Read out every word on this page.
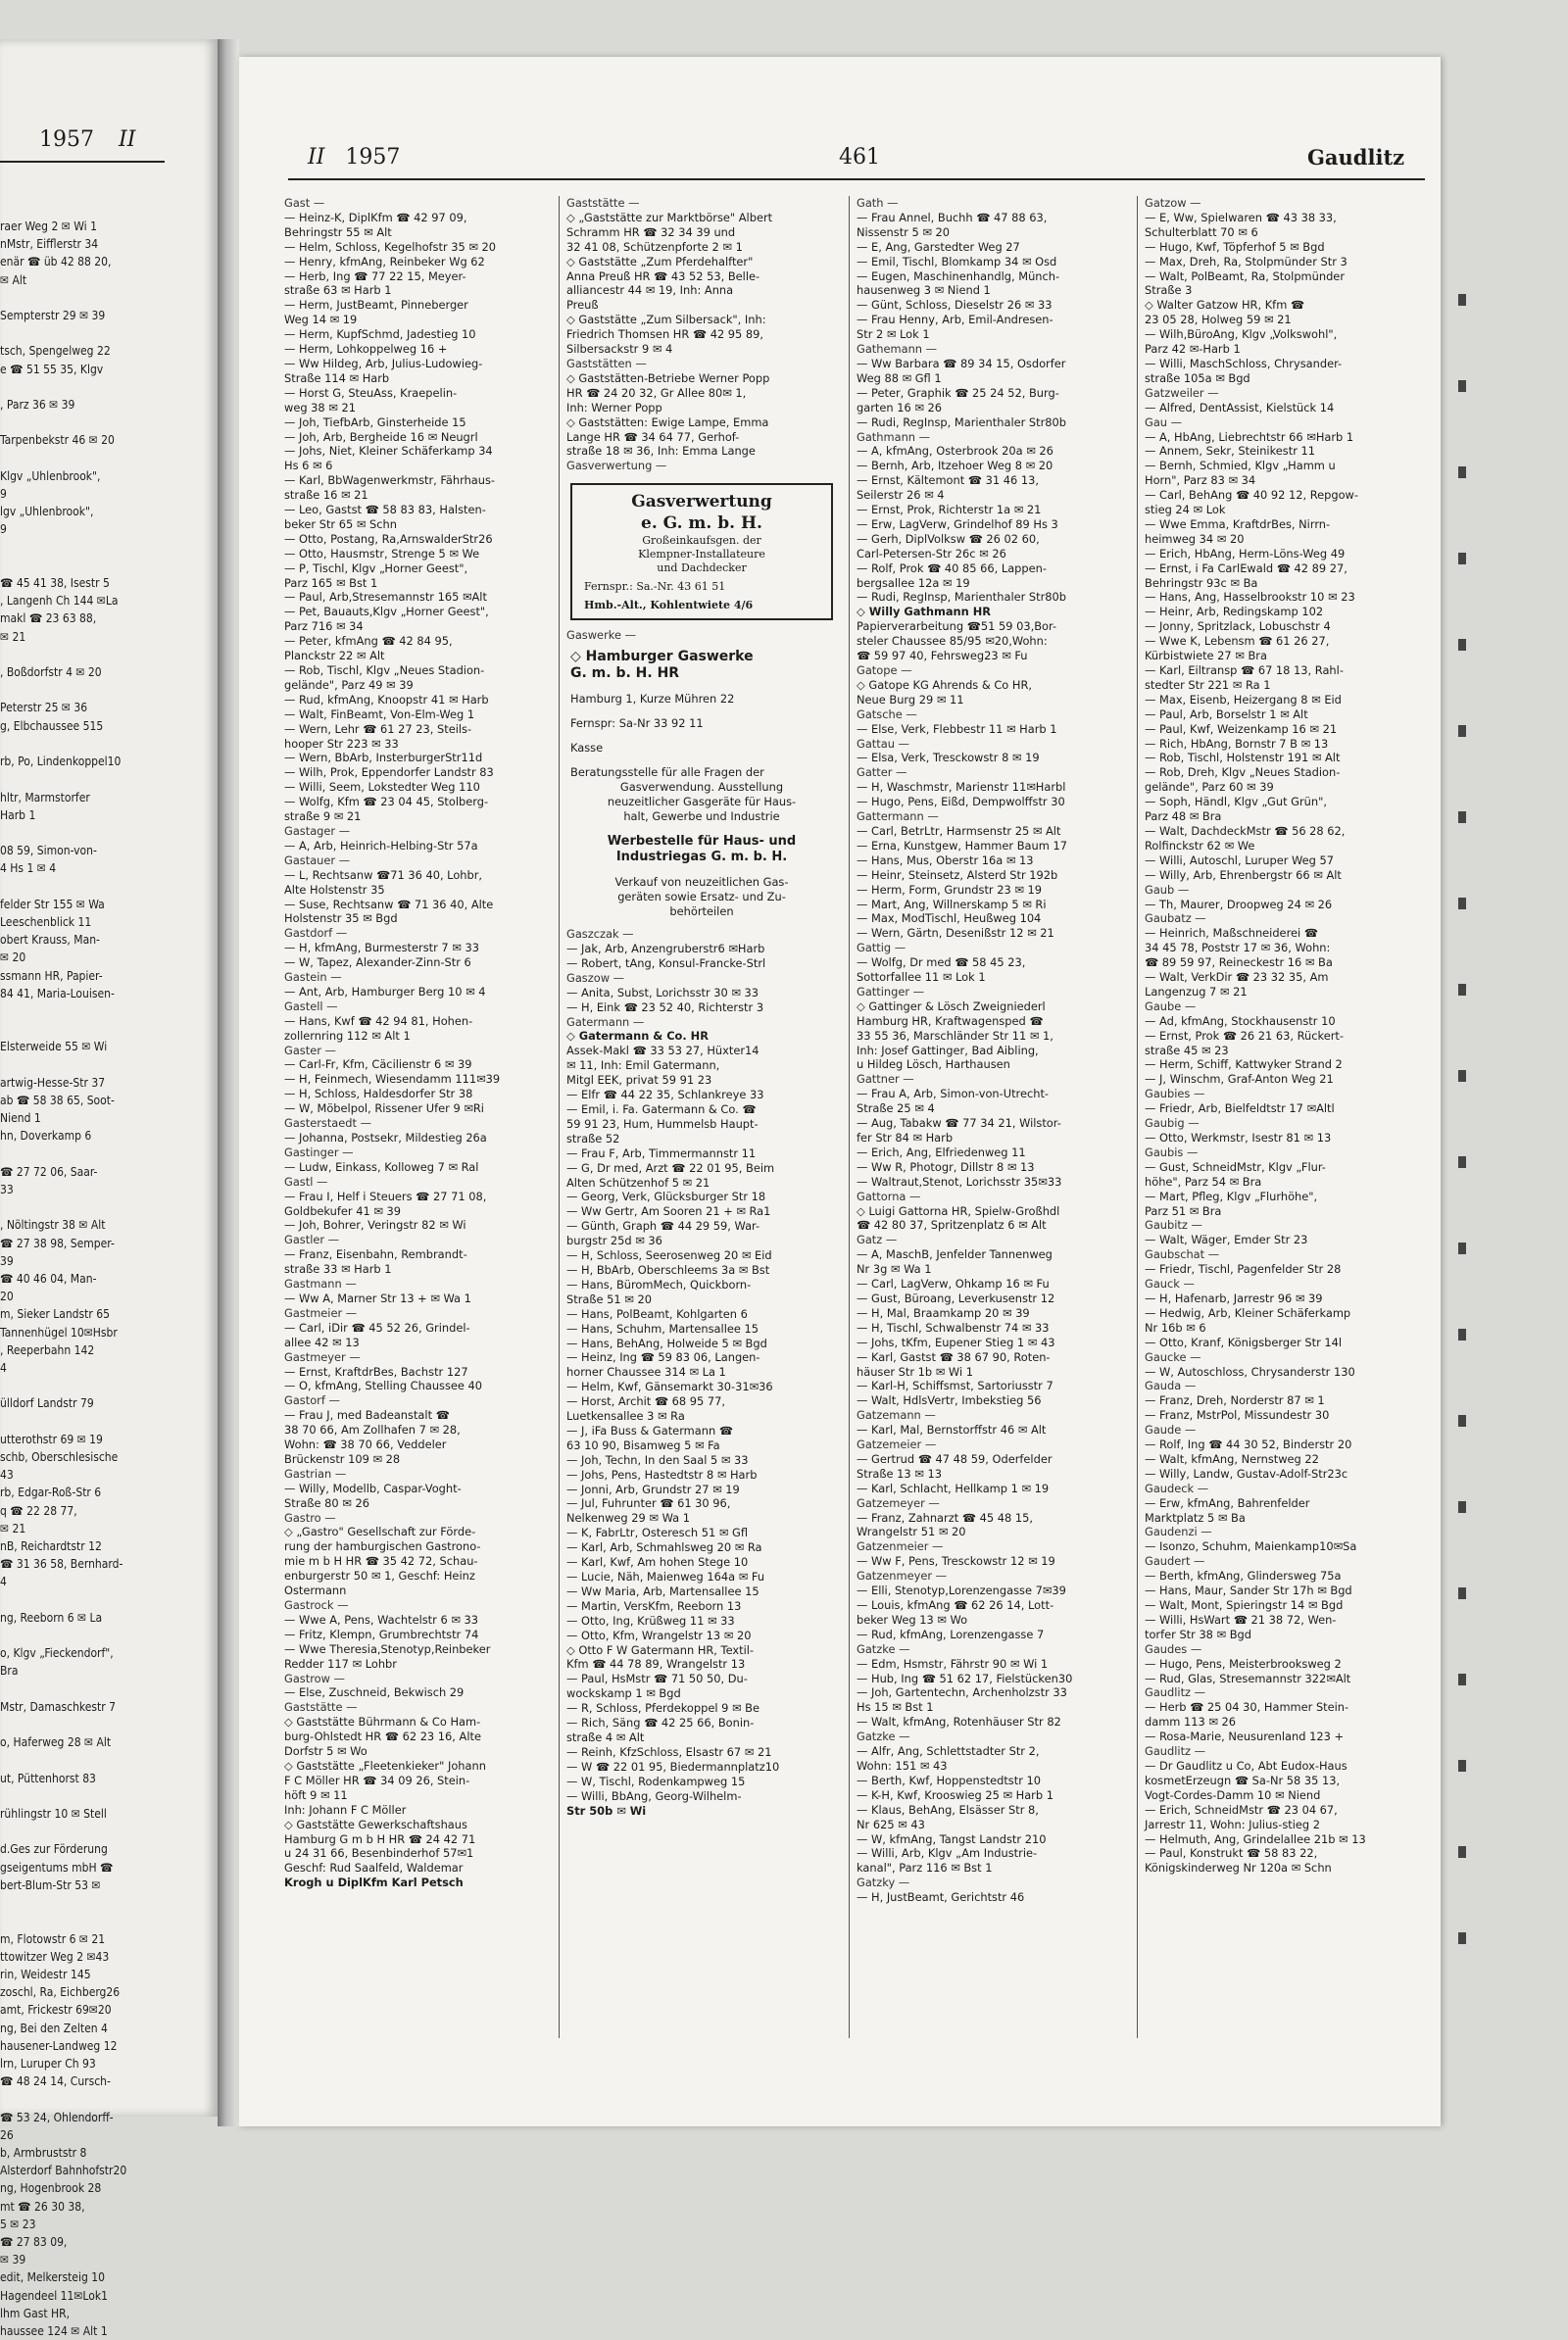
1957 II
raer Weg 2 ✉ Wi 1
nMstr, Eifflerstr 34
enär ☎ üb 42 88 20,
✉ Alt

Sempterstr 29 ✉ 39

tsch, Spengelweg 22
e ☎ 51 55 35, Klgv

, Parz 36 ✉ 39

Tarpenbekstr 46 ✉ 20

Klgv „Uhlenbrook",
9
lgv „Uhlenbrook",
9

☎ 45 41 38, Isestr 5
, Langenh Ch 144 ✉La
makl ☎ 23 63 88,
✉ 21

, Boßdorfstr 4 ✉ 20

Peterstr 25 ✉ 36
g, Elbchaussee 515

rb, Po, Lindenkoppel10

hltr, Marmstorfer
Harb 1

08 59, Simon-von-
4 Hs 1 ✉ 4

felder Str 155 ✉ Wa
Leeschenblick 11
obert Krauss, Man-
✉ 20
ssmann HR, Papier-
84 41, Maria-Louisen-

Elsterweide 55 ✉ Wi

artwig-Hesse-Str 37
ab ☎ 58 38 65, Soot-
Niend 1
hn, Doverkamp 6

☎ 27 72 06, Saar-
33

, Nöltingstr 38 ✉ Alt
☎ 27 38 98, Semper-
39
☎ 40 46 04, Man-
20
m, Sieker Landstr 65
Tannenhügel 10✉Hsbr
, Reeperbahn 142
4

ülldorf Landstr 79

utterothstr 69 ✉ 19
schb, Oberschlesische
43
rb, Edgar-Roß-Str 6
q ☎ 22 28 77,
✉ 21
nB, Reichardtstr 12
☎ 31 36 58, Bernhard-
4

ng, Reeborn 6 ✉ La

o, Klgv „Fieckendorf",
Bra

Mstr, Damaschkestr 7

o, Haferweg 28 ✉ Alt

ut, Püttenhorst 83

rühlingstr 10 ✉ Stell

d.Ges zur Förderung
gseigentums mbH ☎
bert-Blum-Str 53 ✉

m, Flotowstr 6 ✉ 21
ttowitzer Weg 2 ✉43
rin, Weidestr 145
zoschl, Ra, Eichberg26
amt, Frickestr 69✉20
ng, Bei den Zelten 4
hausener-Landweg 12
lrn, Luruper Ch 93
☎ 48 24 14, Cursch-

☎ 53 24, Ohlendorff-
26
b, Armbruststr 8
Alsterdorf Bahnhofstr20
ng, Hogenbrook 28
mt ☎ 26 30 38,
5 ✉ 23
☎ 27 83 09,
✉ 39
edit, Melkersteig 10
Hagendeel 11✉Lok1
lhm Gast HR,
haussee 124 ✉ Alt 1
II 1957	461	Gaudlitz
Gast —
— Heinz-K, DiplKfm ☎ 42 97 09,
Behringstr 55 ✉ Alt
— Helm, Schloss, Kegelhofstr 35 ✉ 20
— Henry, kfmAng, Reinbeker Wg 62
— Herb, Ing ☎ 77 22 15, Meyer-
straße 63 ✉ Harb 1
— Herm, JustBeamt, Pinneberger
Weg 14 ✉ 19
— Herm, KupfSchmd, Jadestieg 10
— Herm, Lohkoppelweg 16 +
— Ww Hildeg, Arb, Julius-Ludowieg-
Straße 114 ✉ Harb
— Horst G, SteuAss, Kraepelin-
weg 38 ✉ 21
— Joh, TiefbArb, Ginsterheide 15
— Joh, Arb, Bergheide 16 ✉ Neugrl
— Johs, Niet, Kleiner Schäferkamp 34
Hs 6 ✉ 6
— Karl, BbWagenwerkmstr, Fährhaus-
straße 16 ✉ 21
— Leo, Gastst ☎ 58 83 83, Halsten-
beker Str 65 ✉ Schn
— Otto, Postang, Ra,ArnswalderStr26
— Otto, Hausmstr, Strenge 5 ✉ We
— P, Tischl, Klgv „Horner Geest",
Parz 165 ✉ Bst 1
— Paul, Arb,Stresemannstr 165 ✉Alt
— Pet, Bauauts,Klgv „Horner Geest",
Parz 716 ✉ 34
— Peter, kfmAng ☎ 42 84 95,
Planckstr 22 ✉ Alt
— Rob, Tischl, Klgv „Neues Stadion-
gelände", Parz 49 ✉ 39
— Rud, kfmAng, Knoopstr 41 ✉ Harb
— Walt, FinBeamt, Von-Elm-Weg 1
— Wern, Lehr ☎ 61 27 23, Steils-
hooper Str 223 ✉ 33
— Wern, BbArb, InsterburgerStr11d
— Wilh, Prok, Eppendorfer Landstr 83
— Willi, Seem, Lokstedter Weg 110
— Wolfg, Kfm ☎ 23 04 45, Stolberg-
straße 9 ✉ 21
Gastager —
— A, Arb, Heinrich-Helbing-Str 57a
Gastauer —
— L, Rechtsanw ☎71 36 40, Lohbr,
Alte Holstenstr 35
— Suse, Rechtsanw ☎ 71 36 40, Alte
Holstenstr 35 ✉ Bgd
Gastdorf —
— H, kfmAng, Burmesterstr 7 ✉ 33
— W, Tapez, Alexander-Zinn-Str 6
Gastein —
— Ant, Arb, Hamburger Berg 10 ✉ 4
Gastell —
— Hans, Kwf ☎ 42 94 81, Hohen-
zollernring 112 ✉ Alt 1
Gaster —
— Carl-Fr, Kfm, Cäcilienstr 6 ✉ 39
— H, Feinmech, Wiesendamm 111✉39
— H, Schloss, Haldesdorfer Str 38
— W, Möbelpol, Rissener Ufer 9 ✉Ri
Gasterstaedt —
— Johanna, Postsekr, Mildestieg 26a
Gastinger —
— Ludw, Einkass, Kolloweg 7 ✉ Ral
Gastl —
— Frau I, Helf i Steuers ☎ 27 71 08,
Goldbekufer 41 ✉ 39
— Joh, Bohrer, Veringstr 82 ✉ Wi
Gastler —
— Franz, Eisenbahn, Rembrandt-
straße 33 ✉ Harb 1
Gastmann —
— Ww A, Marner Str 13 + ✉ Wa 1
Gastmeier —
— Carl, iDir ☎ 45 52 26, Grindel-
allee 42 ✉ 13
Gastmeyer —
— Ernst, KraftdrBes, Bachstr 127
— O, kfmAng, Stelling Chaussee 40
Gastorf —
— Frau J, med Badeanstalt ☎
38 70 66, Am Zollhafen 7 ✉ 28,
Wohn: ☎ 38 70 66, Veddeler
Brückenstr 109 ✉ 28
Gastrian —
— Willy, Modellb, Caspar-Voght-
Straße 80 ✉ 26
Gastro —
◇ „Gastro" Gesellschaft zur Förde-
rung der hamburgischen Gastrono-
mie m b H HR ☎ 35 42 72, Schau-
enburgerstr 50 ✉ 1, Geschf: Heinz
Ostermann
Gastrock —
— Wwe A, Pens, Wachtelstr 6 ✉ 33
— Fritz, Klempn, Grumbrechtstr 74
— Wwe Theresia,Stenotyp,Reinbeker
Redder 117 ✉ Lohbr
Gastrow —
— Else, Zuschneid, Bekwisch 29
Gaststätte —
◇ Gaststätte Bührmann & Co Ham-
burg-Ohlstedt HR ☎ 62 23 16, Alte
Dorfstr 5 ✉ Wo
◇ Gaststätte „Fleetenkieker" Johann
F C Möller HR ☎ 34 09 26, Stein-
höft 9 ✉ 11
Inh: Johann F C Möller
◇ Gaststätte Gewerkschaftshaus
Hamburg G m b H HR ☎ 24 42 71
u 24 31 66, Besenbinderhof 57✉1
Geschf: Rud Saalfeld, Waldemar
Krogh u DiplKfm Karl Petsch
Gaststätte —
◇ „Gaststätte zur Marktbörse" Albert
Schramm HR ☎ 32 34 39 und
32 41 08, Schützenpforte 2 ✉ 1
◇ Gaststätte „Zum Pferdehalfter"
Anna Preuß HR ☎ 43 52 53, Belle-
alliancestr 44 ✉ 19, Inh: Anna
Preuß
◇ Gaststätte „Zum Silbersack", Inh:
Friedrich Thomsen HR ☎ 42 95 89,
Silbersackstr 9 ✉ 4
Gaststätten —
◇ Gaststätten-Betriebe Werner Popp
HR ☎ 24 20 32, Gr Allee 80✉ 1,
Inh: Werner Popp
◇ Gaststätten: Ewige Lampe, Emma
Lange HR ☎ 34 64 77, Gerhof-
straße 18 ✉ 36, Inh: Emma Lange
Gasverwertung —
Gasverwertung
e. G. m. b. H.
Großeinkaufsgen. der
Klempner-Installateure
und Dachdecker
Fernspr.: Sa.-Nr. 43 61 51
Hmb.-Alt., Kohlentwiete 4/6
Gaswerke —
◇ Hamburger Gaswerke
G. m. b. H. HR
Hamburg 1, Kurze Mühren 22
Fernspr: Sa-Nr 33 92 11
Kasse
Beratungsstelle für alle Fragen der
Gasverwendung. Ausstellung
neuzeitlicher Gasgeräte für Haus-
halt, Gewerbe und Industrie
Werbestelle für Haus- und
Industriegas G. m. b. H.
Verkauf von neuzeitlichen Gas-
geräten sowie Ersatz- und Zu-
behörteilen
Gaszczak —
— Jak, Arb, Anzengruberstr6 ✉Harb
— Robert, tAng, Konsul-Francke-Strl
Gaszow —
— Anita, Subst, Lorichsstr 30 ✉ 33
— H, Eink ☎ 23 52 40, Richterstr 3
Gatermann —
◇ Gatermann & Co. HR
Assek-Makl ☎ 33 53 27, Hüxter14
✉ 11, Inh: Emil Gatermann,
Mitgl EEK, privat 59 91 23
— Elfr ☎ 44 22 35, Schlankreye 33
— Emil, i. Fa. Gatermann & Co. ☎
59 91 23, Hum, Hummelsb Haupt-
straße 52
— Frau F, Arb, Timmermannstr 11
— G, Dr med, Arzt ☎ 22 01 95, Beim
Alten Schützenhof 5 ✉ 21
— Georg, Verk, Glücksburger Str 18
— Ww Gertr, Am Sooren 21 + ✉ Ra1
— Günth, Graph ☎ 44 29 59, War-
burgstr 25d ✉ 36
— H, Schloss, Seerosenweg 20 ✉ Eid
— H, BbArb, Oberschleems 3a ✉ Bst
— Hans, BüromMech, Quickborn-
Straße 51 ✉ 20
— Hans, PolBeamt, Kohlgarten 6
— Hans, Schuhm, Martensallee 15
— Hans, BehAng, Holweide 5 ✉ Bgd
— Heinz, Ing ☎ 59 83 06, Langen-
horner Chaussee 314 ✉ La 1
— Helm, Kwf, Gänsemarkt 30-31✉36
— Horst, Archit ☎ 68 95 77,
Luetkensallee 3 ✉ Ra
— J, iFa Buss & Gatermann ☎
63 10 90, Bisamweg 5 ✉ Fa
— Joh, Techn, In den Saal 5 ✉ 33
— Johs, Pens, Hastedtstr 8 ✉ Harb
— Jonni, Arb, Grundstr 27 ✉ 19
— Jul, Fuhrunter ☎ 61 30 96,
Nelkenweg 29 ✉ Wa 1
— K, FabrLtr, Osteresch 51 ✉ Gfl
— Karl, Arb, Schmahlsweg 20 ✉ Ra
— Karl, Kwf, Am hohen Stege 10
— Lucie, Näh, Maienweg 164a ✉ Fu
— Ww Maria, Arb, Martensallee 15
— Martin, VersKfm, Reeborn 13
— Otto, Ing, Krüßweg 11 ✉ 33
— Otto, Kfm, Wrangelstr 13 ✉ 20
◇ Otto F W Gatermann HR, Textil-
Kfm ☎ 44 78 89, Wrangelstr 13
— Paul, HsMstr ☎ 71 50 50, Du-
wockskamp 1 ✉ Bgd
— R, Schloss, Pferdekoppel 9 ✉ Be
— Rich, Säng ☎ 42 25 66, Bonin-
straße 4 ✉ Alt
— Reinh, KfzSchloss, Elsastr 67 ✉ 21
— W ☎ 22 01 95, Biedermannplatz10
— W, Tischl, Rodenkampweg 15
— Willi, BbAng, Georg-Wilhelm-
Str 50b ✉ Wi
Gath —
— Frau Annel, Buchh ☎ 47 88 63,
Nissenstr 5 ✉ 20
— E, Ang, Garstedter Weg 27
— Emil, Tischl, Blomkamp 34 ✉ Osd
— Eugen, Maschinenhandlg, Münch-
hausenweg 3 ✉ Niend 1
— Günt, Schloss, Dieselstr 26 ✉ 33
— Frau Henny, Arb, Emil-Andresen-
Str 2 ✉ Lok 1
Gathemann —
— Ww Barbara ☎ 89 34 15, Osdorfer
Weg 88 ✉ Gfl 1
— Peter, Graphik ☎ 25 24 52, Burg-
garten 16 ✉ 26
— Rudi, RegInsp, Marienthaler Str80b
Gathmann —
— A, kfmAng, Osterbrook 20a ✉ 26
— Bernh, Arb, Itzehoer Weg 8 ✉ 20
— Ernst, Kältemont ☎ 31 46 13,
Seilerstr 26 ✉ 4
— Ernst, Prok, Richterstr 1a ✉ 21
— Erw, LagVerw, Grindelhof 89 Hs 3
— Gerh, DiplVolksw ☎ 26 02 60,
Carl-Petersen-Str 26c ✉ 26
— Rolf, Prok ☎ 40 85 66, Lappen-
bergsallee 12a ✉ 19
— Rudi, RegInsp, Marienthaler Str80b
◇ Willy Gathmann HR
Papierverarbeitung ☎51 59 03,Bor-
steler Chaussee 85/95 ✉20,Wohn:
☎ 59 97 40, Fehrsweg23 ✉ Fu
Gatope —
◇ Gatope KG Ahrends & Co HR,
Neue Burg 29 ✉ 11
Gatsche —
— Else, Verk, Flebbestr 11 ✉ Harb 1
Gattau —
— Elsa, Verk, Tresckowstr 8 ✉ 19
Gatter —
— H, Waschmstr, Marienstr 11✉Harbl
— Hugo, Pens, Eißd, Dempwolffstr 30
Gattermann —
— Carl, BetrLtr, Harmsenstr 25 ✉ Alt
— Erna, Kunstgew, Hammer Baum 17
— Hans, Mus, Oberstr 16a ✉ 13
— Heinr, Steinsetz, Alsterd Str 192b
— Herm, Form, Grundstr 23 ✉ 19
— Mart, Ang, Willnerskamp 5 ✉ Ri
— Max, ModTischl, Heußweg 104
— Wern, Gärtn, Desenißstr 12 ✉ 21
Gattig —
— Wolfg, Dr med ☎ 58 45 23,
Sottorfallee 11 ✉ Lok 1
Gattinger —
◇ Gattinger & Lösch Zweigniederl
Hamburg HR, Kraftwagensped ☎
33 55 36, Marschländer Str 11 ✉ 1,
Inh: Josef Gattinger, Bad Aibling,
u Hildeg Lösch, Harthausen
Gattner —
— Frau A, Arb, Simon-von-Utrecht-
Straße 25 ✉ 4
— Aug, Tabakw ☎ 77 34 21, Wilstor-
fer Str 84 ✉ Harb
— Erich, Ang, Elfriedenweg 11
— Ww R, Photogr, Dillstr 8 ✉ 13
— Waltraut,Stenot, Lorichsstr 35✉33
Gattorna —
◇ Luigi Gattorna HR, Spielw-Großhdl
☎ 42 80 37, Spritzenplatz 6 ✉ Alt
Gatz —
— A, MaschB, Jenfelder Tannenweg
Nr 3g ✉ Wa 1
— Carl, LagVerw, Ohkamp 16 ✉ Fu
— Gust, Büroang, Leverkusenstr 12
— H, Mal, Braamkamp 20 ✉ 39
— H, Tischl, Schwalbenstr 74 ✉ 33
— Johs, tKfm, Eupener Stieg 1 ✉ 43
— Karl, Gastst ☎ 38 67 90, Roten-
häuser Str 1b ✉ Wi 1
— Karl-H, Schiffsmst, Sartoriusstr 7
— Walt, HdlsVertr, Imbekstieg 56
Gatzemann —
— Karl, Mal, Bernstorffstr 46 ✉ Alt
Gatzemeier —
— Gertrud ☎ 47 48 59, Oderfelder
Straße 13 ✉ 13
— Karl, Schlacht, Hellkamp 1 ✉ 19
Gatzemeyer —
— Franz, Zahnarzt ☎ 45 48 15,
Wrangelstr 51 ✉ 20
Gatzenmeier —
— Ww F, Pens, Tresckowstr 12 ✉ 19
Gatzenmeyer —
— Elli, Stenotyp,Lorenzengasse 7✉39
— Louis, kfmAng ☎ 62 26 14, Lott-
beker Weg 13 ✉ Wo
— Rud, kfmAng, Lorenzengasse 7
Gatzke —
— Edm, Hsmstr, Fährstr 90 ✉ Wi 1
— Hub, Ing ☎ 51 62 17, Fielstücken30
— Joh, Gartentechn, Archenholzstr 33
Hs 15 ✉ Bst 1
— Walt, kfmAng, Rotenhäuser Str 82
Gatzke —
— Alfr, Ang, Schlettstadter Str 2,
Wohn: 151 ✉ 43
— Berth, Kwf, Hoppenstedtstr 10
— K-H, Kwf, Krooswieg 25 ✉ Harb 1
— Klaus, BehAng, Elsässer Str 8,
Nr 625 ✉ 43
— W, kfmAng, Tangst Landstr 210
— Willi, Arb, Klgv „Am Industrie-
kanal", Parz 116 ✉ Bst 1
Gatzky —
— H, JustBeamt, Gerichtstr 46
Gatzow —
— E, Ww, Spielwaren ☎ 43 38 33,
Schulterblatt 70 ✉ 6
— Hugo, Kwf, Töpferhof 5 ✉ Bgd
— Max, Dreh, Ra, Stolpmünder Str 3
— Walt, PolBeamt, Ra, Stolpmünder
Straße 3
◇ Walter Gatzow HR, Kfm ☎
23 05 28, Holweg 59 ✉ 21
— Wilh,BüroAng, Klgv „Volkswohl",
Parz 42 ✉-Harb 1
— Willi, MaschSchloss, Chrysander-
straße 105a ✉ Bgd
Gatzweiler —
— Alfred, DentAssist, Kielstück 14
Gau —
— A, HbAng, Liebrechtstr 66 ✉Harb 1
— Annem, Sekr, Steinikestr 11
— Bernh, Schmied, Klgv „Hamm u
Horn", Parz 83 ✉ 34
— Carl, BehAng ☎ 40 92 12, Repgow-
stieg 24 ✉ Lok
— Wwe Emma, KraftdrBes, Nirrn-
heimweg 34 ✉ 20
— Erich, HbAng, Herm-Löns-Weg 49
— Ernst, i Fa CarlEwald ☎ 42 89 27,
Behringstr 93c ✉ Ba
— Hans, Ang, Hasselbrookstr 10 ✉ 23
— Heinr, Arb, Redingskamp 102
— Jonny, Spritzlack, Lobuschstr 4
— Wwe K, Lebensm ☎ 61 26 27,
Kürbistwiete 27 ✉ Bra
— Karl, Eiltransp ☎ 67 18 13, Rahl-
stedter Str 221 ✉ Ra 1
— Max, Eisenb, Heizergang 8 ✉ Eid
— Paul, Arb, Borselstr 1 ✉ Alt
— Paul, Kwf, Weizenkamp 16 ✉ 21
— Rich, HbAng, Bornstr 7 B ✉ 13
— Rob, Tischl, Holstenstr 191 ✉ Alt
— Rob, Dreh, Klgv „Neues Stadion-
gelände", Parz 60 ✉ 39
— Soph, Händl, Klgv „Gut Grün",
Parz 48 ✉ Bra
— Walt, DachdeckMstr ☎ 56 28 62,
Rolfinckstr 62 ✉ We
— Willi, Autoschl, Luruper Weg 57
— Willy, Arb, Ehrenbergstr 66 ✉ Alt
Gaub —
— Th, Maurer, Droopweg 24 ✉ 26
Gaubatz —
— Heinrich, Maßschneiderei ☎
34 45 78, Poststr 17 ✉ 36, Wohn:
☎ 89 59 97, Reineckestr 16 ✉ Ba
— Walt, VerkDir ☎ 23 32 35, Am
Langenzug 7 ✉ 21
Gaube —
— Ad, kfmAng, Stockhausenstr 10
— Ernst, Prok ☎ 26 21 63, Rückert-
straße 45 ✉ 23
— Herm, Schiff, Kattwyker Strand 2
— J, Winschm, Graf-Anton Weg 21
Gaubies —
— Friedr, Arb, Bielfeldtstr 17 ✉Altl
Gaubig —
— Otto, Werkmstr, Isestr 81 ✉ 13
Gaubis —
— Gust, SchneidMstr, Klgv „Flur-
höhe", Parz 54 ✉ Bra
— Mart, Pfleg, Klgv „Flurhöhe",
Parz 51 ✉ Bra
Gaubitz —
— Walt, Wäger, Emder Str 23
Gaubschat —
— Friedr, Tischl, Pagenfelder Str 28
Gauck —
— H, Hafenarb, Jarrestr 96 ✉ 39
— Hedwig, Arb, Kleiner Schäferkamp
Nr 16b ✉ 6
— Otto, Kranf, Königsberger Str 14l
Gaucke —
— W, Autoschloss, Chrysanderstr 130
Gauda —
— Franz, Dreh, Norderstr 87 ✉ 1
— Franz, MstrPol, Missundestr 30
Gaude —
— Rolf, Ing ☎ 44 30 52, Binderstr 20
— Walt, kfmAng, Nernstweg 22
— Willy, Landw, Gustav-Adolf-Str23c
Gaudeck —
— Erw, kfmAng, Bahrenfelder
Marktplatz 5 ✉ Ba
Gaudenzi —
— Isonzo, Schuhm, Maienkamp10✉Sa
Gaudert —
— Berth, kfmAng, Glindersweg 75a
— Hans, Maur, Sander Str 17h ✉ Bgd
— Walt, Mont, Spieringstr 14 ✉ Bgd
— Willi, HsWart ☎ 21 38 72, Wen-
torfer Str 38 ✉ Bgd
Gaudes —
— Hugo, Pens, Meisterbrooksweg 2
— Rud, Glas, Stresemannstr 322✉Alt
Gaudlitz —
— Herb ☎ 25 04 30, Hammer Stein-
damm 113 ✉ 26
— Rosa-Marie, Neusurenland 123 +
Gaudlitz —
— Dr Gaudlitz u Co, Abt Eudox-Haus
kosmetErzeugn ☎ Sa-Nr 58 35 13,
Vogt-Cordes-Damm 10 ✉ Niend
— Erich, SchneidMstr ☎ 23 04 67,
Jarrestr 11, Wohn: Julius-stieg 2
— Helmuth, Ang, Grindelallee 21b ✉ 13
— Paul, Konstrukt ☎ 58 83 22,
Königskinderweg Nr 120a ✉ Schn
